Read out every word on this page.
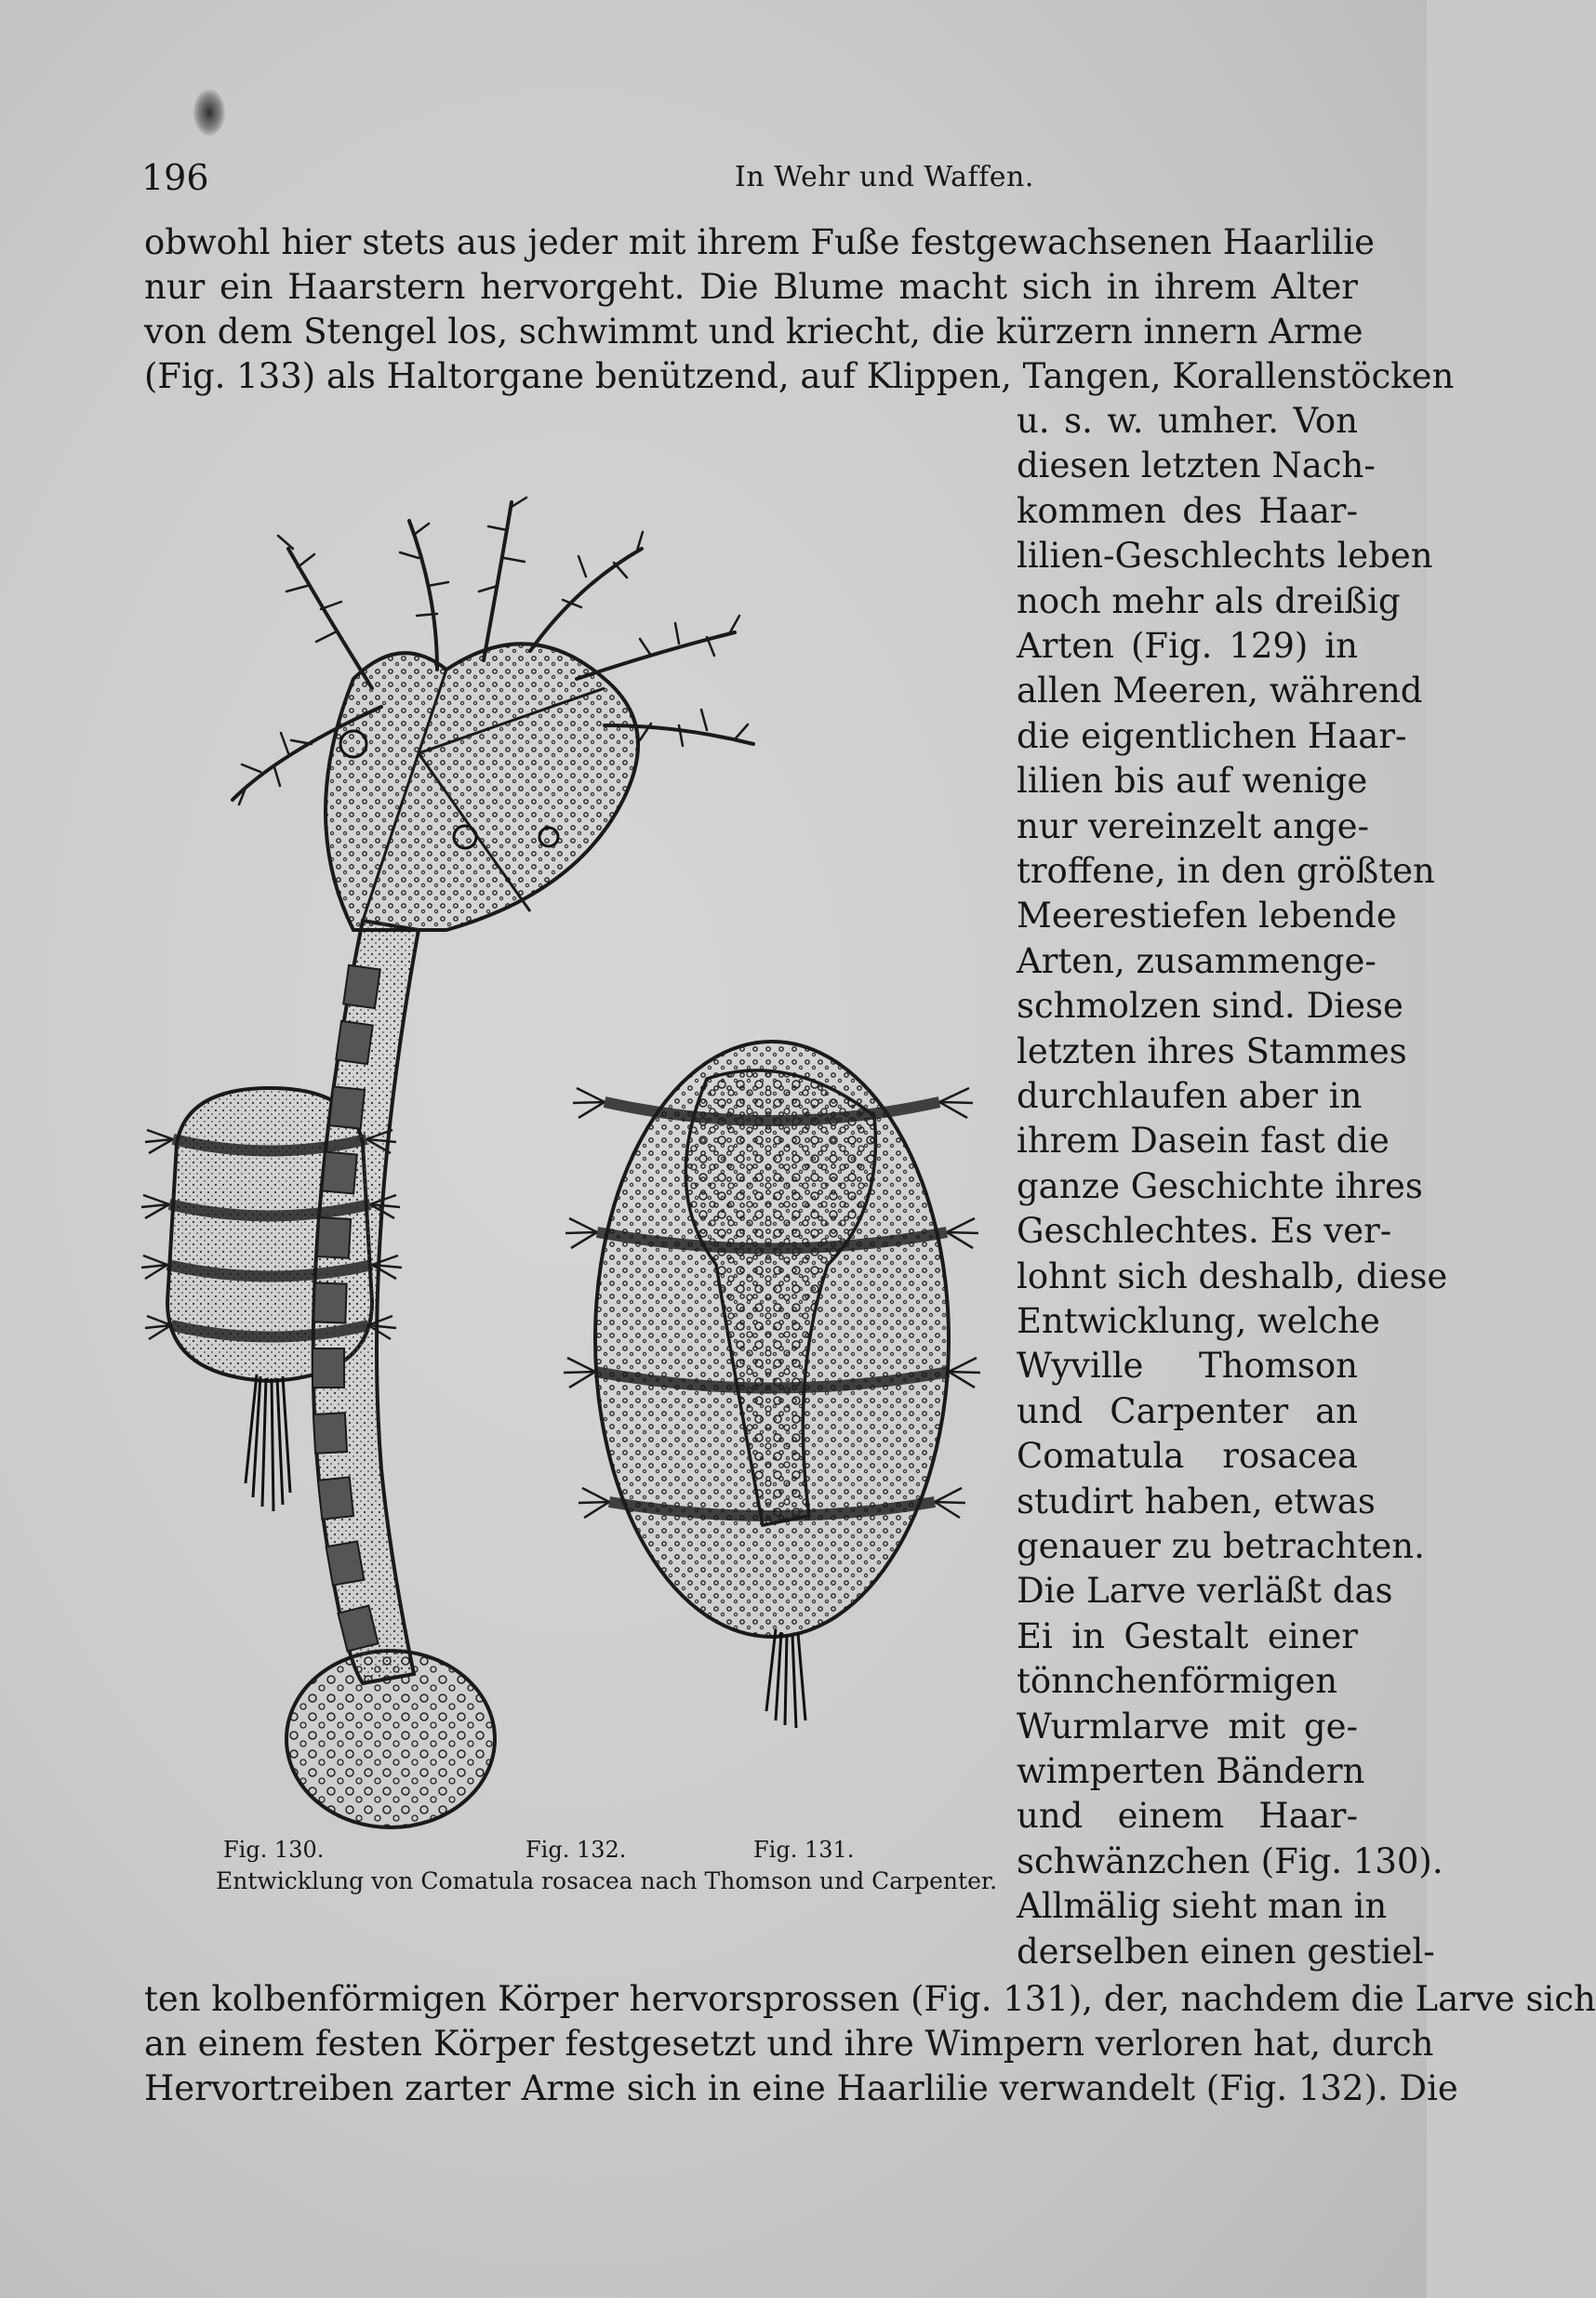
196	In Wehr und Waffen.
obwohl hier stets aus jeder mit ihrem Fuße festgewachsenen Haarlilie
nur ein Haarstern hervorgeht. Die Blume macht sich in ihrem Alter
von dem Stengel los, schwimmt und kriecht, die kürzern innern Arme
(Fig. 133) als Haltorgane benützend, auf Klippen, Tangen, Korallenstöcken
u. s. w. umher. Von
diesen letzten Nach-
kommen des Haar-
lilien-Geschlechts leben
noch mehr als dreißig
Arten (Fig. 129) in
allen Meeren, während
die eigentlichen Haar-
lilien bis auf wenige
nur vereinzelt ange-
troffene, in den größten
Meerestiefen lebende
Arten, zusammenge-
schmolzen sind. Diese
letzten ihres Stammes
durchlaufen aber in
ihrem Dasein fast die
ganze Geschichte ihres
Geschlechtes. Es ver-
lohnt sich deshalb, diese
Entwicklung, welche
Wyville Thomson
und Carpenter an
Comatula rosacea
studirt haben, etwas
genauer zu betrachten.
Die Larve verläßt das
Ei in Gestalt einer
tönnchenförmigen
Wurmlarve mit ge-
wimperten Bändern
und einem Haar-
schwänzchen (Fig. 130).
Allmälig sieht man in
derselben einen gestiel-
ten kolbenförmigen Körper hervorsprossen (Fig. 131), der, nachdem die Larve sich
an einem festen Körper festgesetzt und ihre Wimpern verloren hat, durch
Hervortreiben zarter Arme sich in eine Haarlilie verwandelt (Fig. 132). Die
Fig. 130.	Fig. 132.	Fig. 131.
Entwicklung von Comatula rosacea nach Thomson und Carpenter.
